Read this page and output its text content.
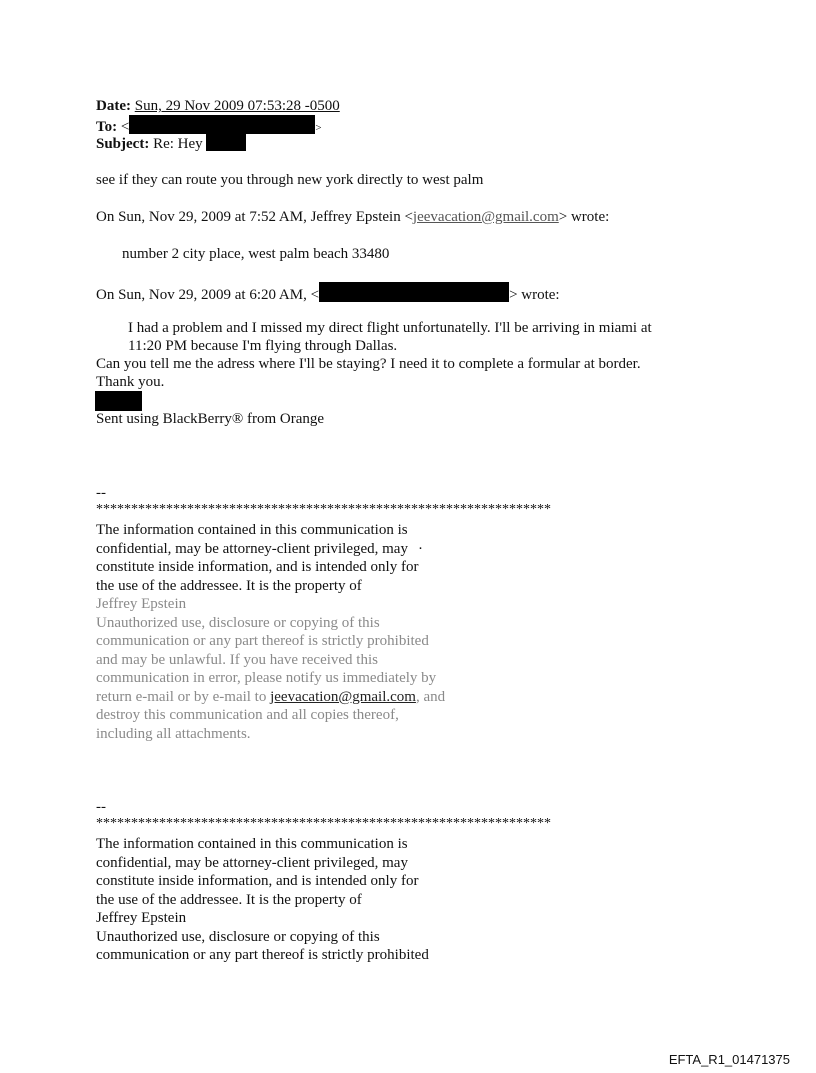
Date: Sun, 29 Nov 2009 07:53:28 -0500
To: <	>
Subject: Re: Hey
see if they can route you through new york directly to west palm
On Sun, Nov 29, 2009 at 7:52 AM, Jeffrey Epstein <jeevacation@gmail.com> wrote:
number 2 city place, west palm beach 33480
On Sun, Nov 29, 2009 at 6:20 AM, <	> wrote:
I had a problem and I missed my direct flight unfortunatelly. I'll be arriving in miami at
11:20 PM because I'm flying through Dallas.
Can you tell me the adress where I'll be staying? I need it to complete a formular at border.
Thank you.
Sent using BlackBerry® from Orange
--
*****************************************************************
The information contained in this communication is
confidential, may be attorney-client privileged, may ·
constitute inside information, and is intended only for
the use of the addressee. It is the property of
Jeffrey Epstein
Unauthorized use, disclosure or copying of this
communication or any part thereof is strictly prohibited
and may be unlawful. If you have received this
communication in error, please notify us immediately by
return e-mail or by e-mail to jeevacation@gmail.com, and
destroy this communication and all copies thereof,
including all attachments.
--
*****************************************************************
The information contained in this communication is
confidential, may be attorney-client privileged, may
constitute inside information, and is intended only for
the use of the addressee. It is the property of
Jeffrey Epstein
Unauthorized use, disclosure or copying of this
communication or any part thereof is strictly prohibited
EFTA_R1_01471375
